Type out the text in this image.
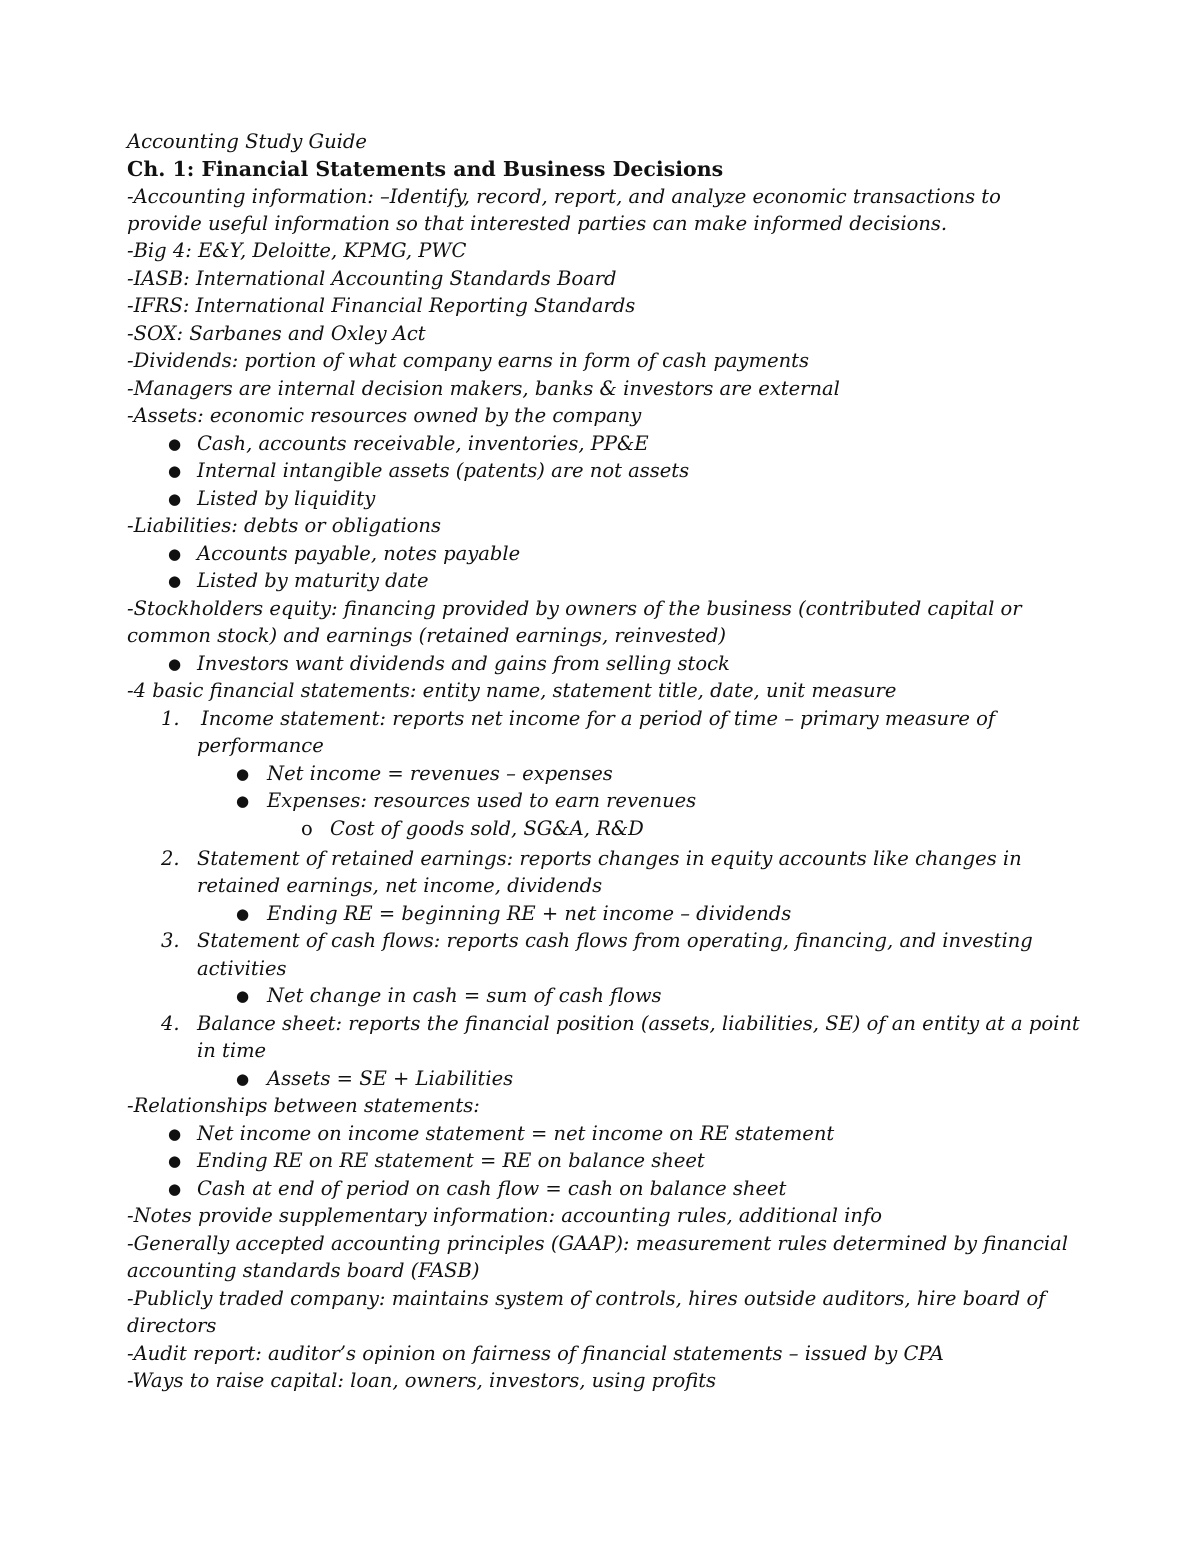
Accounting Study Guide
Ch. 1: Financial Statements and Business Decisions
-Accounting information: –Identify, record, report, and analyze economic transactions to
provide useful information so that interested parties can make informed decisions.
-Big 4: E&Y, Deloitte, KPMG, PWC
-IASB: International Accounting Standards Board
-IFRS: International Financial Reporting Standards
-SOX: Sarbanes and Oxley Act
-Dividends: portion of what company earns in form of cash payments
-Managers are internal decision makers, banks & investors are external
-Assets: economic resources owned by the company
● Cash, accounts receivable, inventories, PP&E
● Internal intangible assets (patents) are not assets
● Listed by liquidity
-Liabilities: debts or obligations
● Accounts payable, notes payable
● Listed by maturity date
-Stockholders equity: financing provided by owners of the business (contributed capital or
common stock) and earnings (retained earnings, reinvested)
● Investors want dividends and gains from selling stock
-4 basic financial statements: entity name, statement title, date, unit measure
1. Income statement: reports net income for a period of time – primary measure of
performance
● Net income = revenues – expenses
● Expenses: resources used to earn revenues
o Cost of goods sold, SG&A, R&D
2. Statement of retained earnings: reports changes in equity accounts like changes in
retained earnings, net income, dividends
● Ending RE = beginning RE + net income – dividends
3. Statement of cash flows: reports cash flows from operating, financing, and investing
activities
● Net change in cash = sum of cash flows
4. Balance sheet: reports the financial position (assets, liabilities, SE) of an entity at a point
in time
● Assets = SE + Liabilities
-Relationships between statements:
● Net income on income statement = net income on RE statement
● Ending RE on RE statement = RE on balance sheet
● Cash at end of period on cash flow = cash on balance sheet
-Notes provide supplementary information: accounting rules, additional info
-Generally accepted accounting principles (GAAP): measurement rules determined by financial
accounting standards board (FASB)
-Publicly traded company: maintains system of controls, hires outside auditors, hire board of
directors
-Audit report: auditor’s opinion on fairness of financial statements – issued by CPA
-Ways to raise capital: loan, owners, investors, using profits
